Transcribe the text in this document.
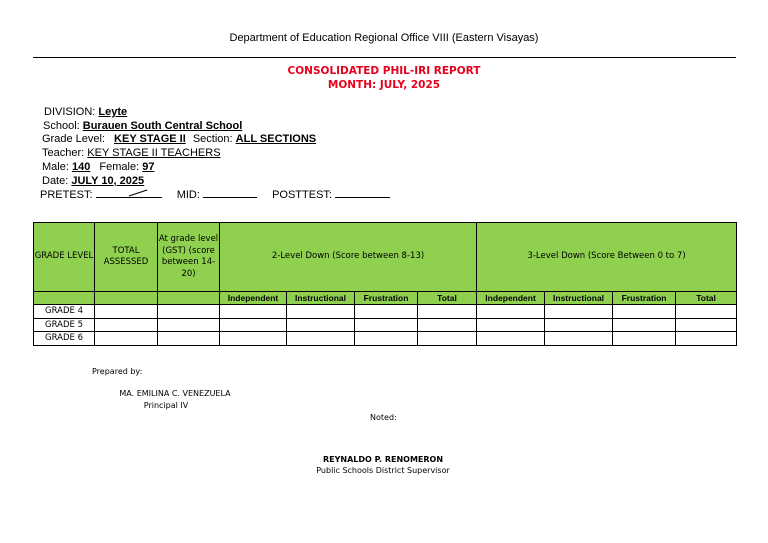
Department of Education Regional Office VIII (Eastern Visayas)
CONSOLIDATED PHIL-IRI REPORT
MONTH: JULY, 2025
DIVISION: Leyte
School: Burauen South Central School
Grade Level: KEY STAGE II Section: ALL SECTIONS
Teacher: KEY STAGE II TEACHERS
Male: 140 Female: 97
Date: JULY 10, 2025
PRETEST:	MID:	POSTTEST:
GRADE LEVEL	TOTAL ASSESSED	At grade level (GST) (score between 14-20)	2-Level Down (Score between 8-13)				3-Level Down (Score Between 0 to 7)			
			Independent	Instructional	Frustration	Total	Independent	Instructional	Frustration	Total
GRADE 4										
GRADE 5										
GRADE 6										
Prepared by:
MA. EMILINA C. VENEZUELA
Principal IV
Noted:
REYNALDO P. RENOMERON
Public Schools District Supervisor
